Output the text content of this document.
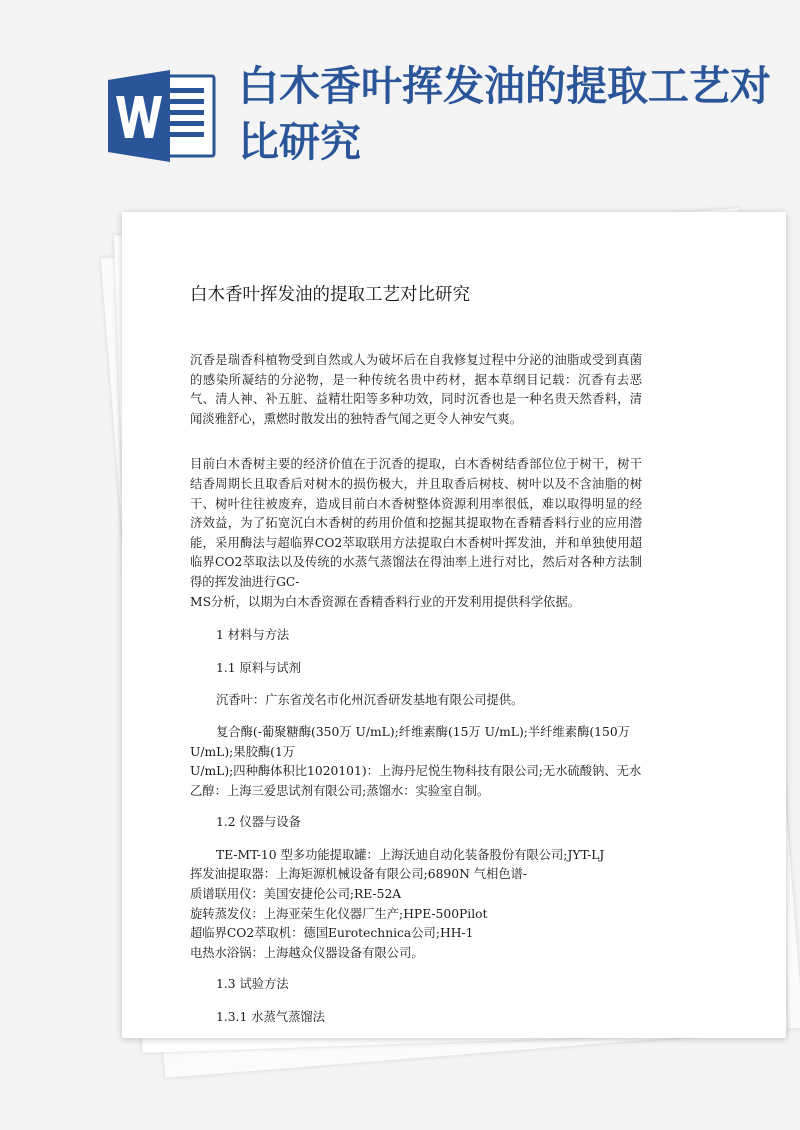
白木香叶挥发油的提取工艺对比研究
白木香叶挥发油的提取工艺对比研究

沉香是瑞香科植物受到自然或人为破坏后在自我修复过程中分泌的油脂或受到真菌的感染所凝结的分泌物，是一种传统名贵中药材，据本草纲目记载：沉香有去恶气、清人神、补五脏、益精壮阳等多种功效，同时沉香也是一种名贵天然香料，清闻淡雅舒心，熏燃时散发出的独特香气闻之更令人神安气爽。

目前白木香树主要的经济价值在于沉香的提取，白木香树结香部位位于树干，树干结香周期长且取香后对树木的损伤极大，并且取香后树枝、树叶以及不含油脂的树干、树叶往往被废弃，造成目前白木香树整体资源利用率很低，难以取得明显的经济效益，为了拓宽沉白木香树的药用价值和挖掘其提取物在香精香料行业的应用潜能，采用酶法与超临界CO2萃取联用方法提取白木香树叶挥发油，并和单独使用超临界CO2萃取法以及传统的水蒸气蒸馏法在得油率上进行对比，然后对各种方法制得的挥发油进行GC-
MS分析，以期为白木香资源在香精香料行业的开发利用提供科学依据。

1 材料与方法
1.1 原料与试剂
沉香叶：广东省茂名市化州沉香研发基地有限公司提供。
复合酶(-葡聚糖酶(350万 U/mL);纤维素酶(15万 U/mL);半纤维素酶(150万
U/mL);果胶酶(1万
U/mL);四种酶体积比1020101)：上海丹尼悦生物科技有限公司;无水硫酸钠、无水乙醇：上海三爱思试剂有限公司;蒸馏水：实验室自制。
1.2 仪器与设备
TE-MT-10 型多功能提取罐：上海沃迪自动化装备股份有限公司;JYT-LJ
挥发油提取器：上海矩源机械设备有限公司;6890N 气相色谱-
质谱联用仪：美国安捷伦公司;RE-52A
旋转蒸发仪：上海亚荣生化仪器厂生产;HPE-500Pilot
超临界CO2萃取机：德国Eurotechnica公司;HH-1
电热水浴锅：上海越众仪器设备有限公司。
1.3 试验方法
1.3.1 水蒸气蒸馏法
